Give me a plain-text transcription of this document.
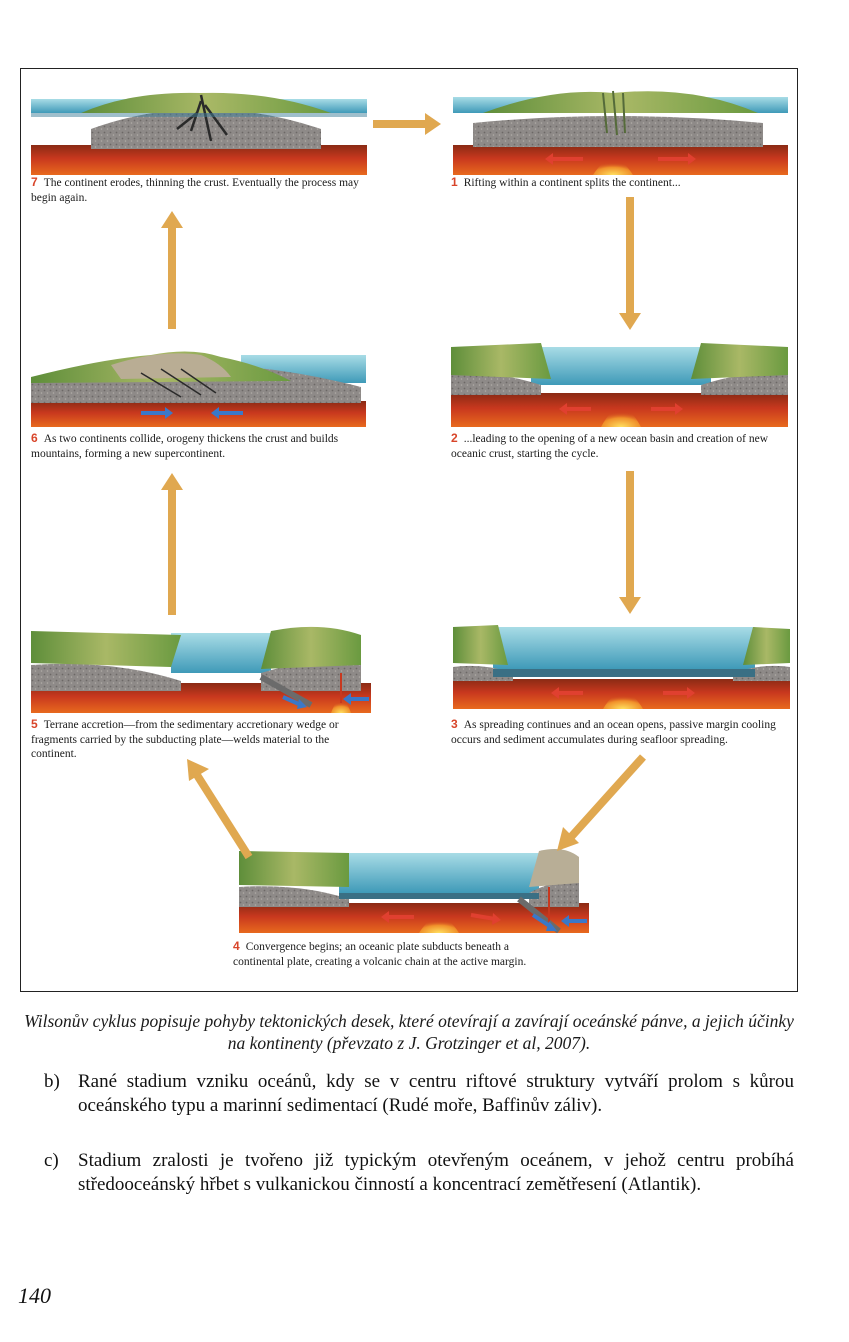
7 The continent erodes, thinning the crust. Eventually the process may begin again.
1 Rifting within a continent splits the continent...
6 As two continents collide, orogeny thickens the crust and builds mountains, forming a new supercontinent.
2 ...leading to the opening of a new ocean basin and creation of new oceanic crust, starting the cycle.
5 Terrane accretion—from the sedimentary accretionary wedge or fragments carried by the subducting plate—welds material to the continent.
3 As spreading continues and an ocean opens, passive margin cooling occurs and sediment accumulates during seafloor spreading.
4 Convergence begins; an oceanic plate subducts beneath a continental plate, creating a volcanic chain at the active margin.
Wilsonův cyklus popisuje pohyby tektonických desek, které otevírají a zavírají oceánské pánve, a jejich účinky na kontinenty (převzato z J. Grotzinger et al, 2007).
b) Rané stadium vzniku oceánů, kdy se v centru riftové struktury vytváří prolom s kůrou oceánského typu a marinní sedimentací (Rudé moře, Baffinův záliv).
c) Stadium zralosti je tvořeno již typickým otevřeným oceánem, v jehož centru probíhá středooceánský hřbet s vulkanickou činností a koncentrací zemětřesení (Atlantik).
140
